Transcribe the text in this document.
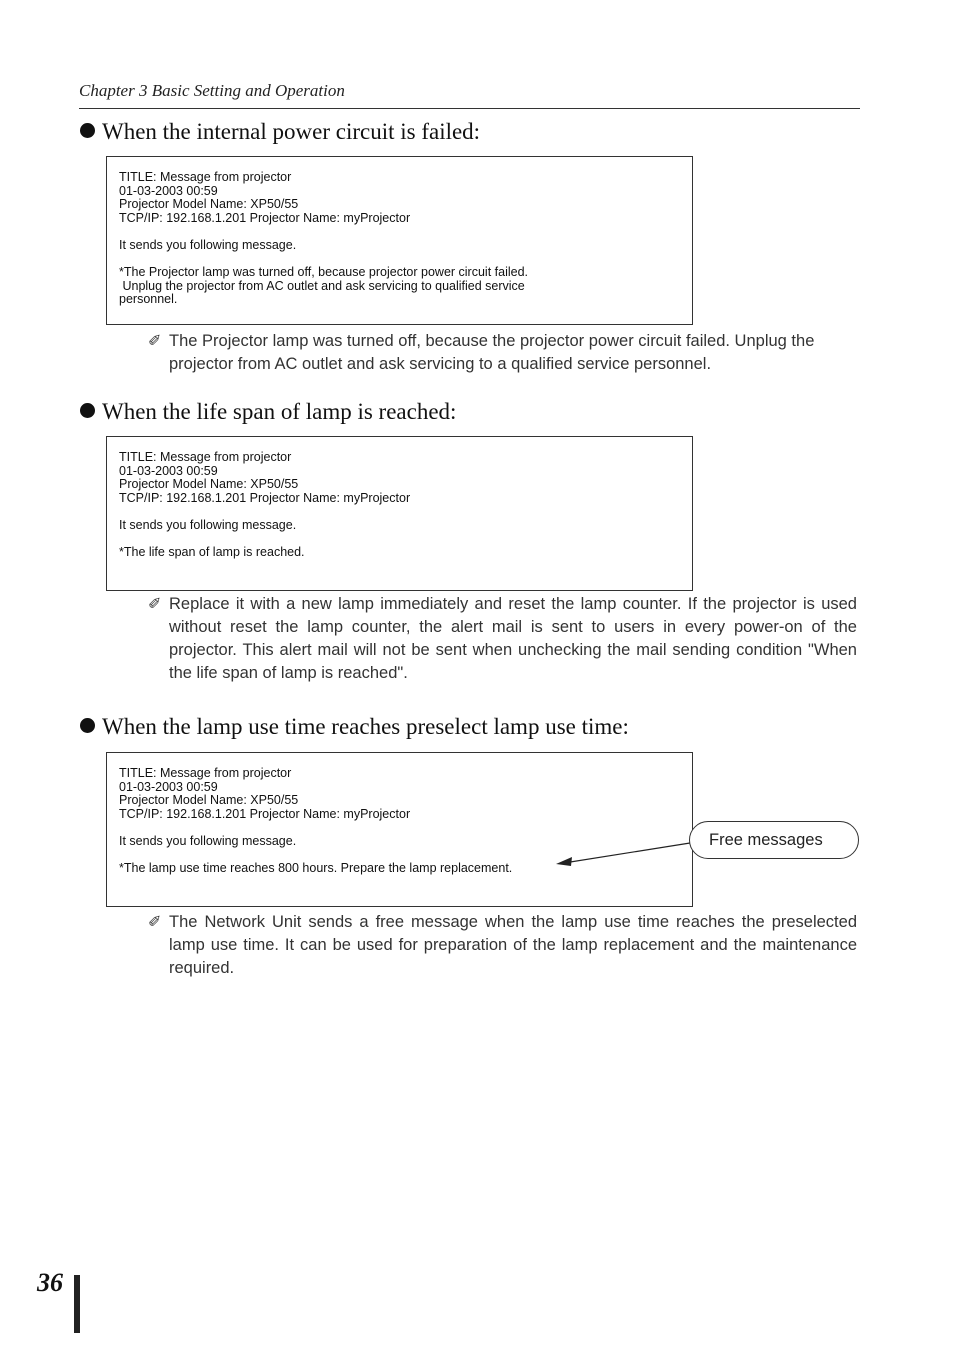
Chapter 3 Basic Setting and Operation
When the internal power circuit is failed:
TITLE: Message from projector
01-03-2003 00:59
Projector Model Name: XP50/55
TCP/IP: 192.168.1.201 Projector Name: myProjector
It sends you following message.
*The Projector lamp was turned off, because projector power circuit failed.
Unplug the projector from AC outlet and ask servicing to qualified service
personnel.
✐ The Projector lamp was turned off, because the projector power circuit failed. Unplug the projector from AC outlet and ask servicing to a qualified service personnel.
When the life span of lamp is reached:
TITLE: Message from projector
01-03-2003 00:59
Projector Model Name: XP50/55
TCP/IP: 192.168.1.201 Projector Name: myProjector
It sends you following message.
*The life span of lamp is reached.
✐ Replace it with a new lamp immediately and reset the lamp counter. If the projector is used without reset the lamp counter, the alert mail is sent to users in every power-on of the projector. This alert mail will not be sent when unchecking the mail sending condition "When the life span of lamp is reached".
When the lamp use time reaches preselect lamp use time:
TITLE: Message from projector
01-03-2003 00:59
Projector Model Name: XP50/55
TCP/IP: 192.168.1.201 Projector Name: myProjector
It sends you following message.
*The lamp use time reaches 800 hours. Prepare the lamp replacement.
Free messages
✐ The Network Unit sends a free message when the lamp use time reaches the preselected lamp use time. It can be used for preparation of the lamp replacement and the maintenance required.
36
